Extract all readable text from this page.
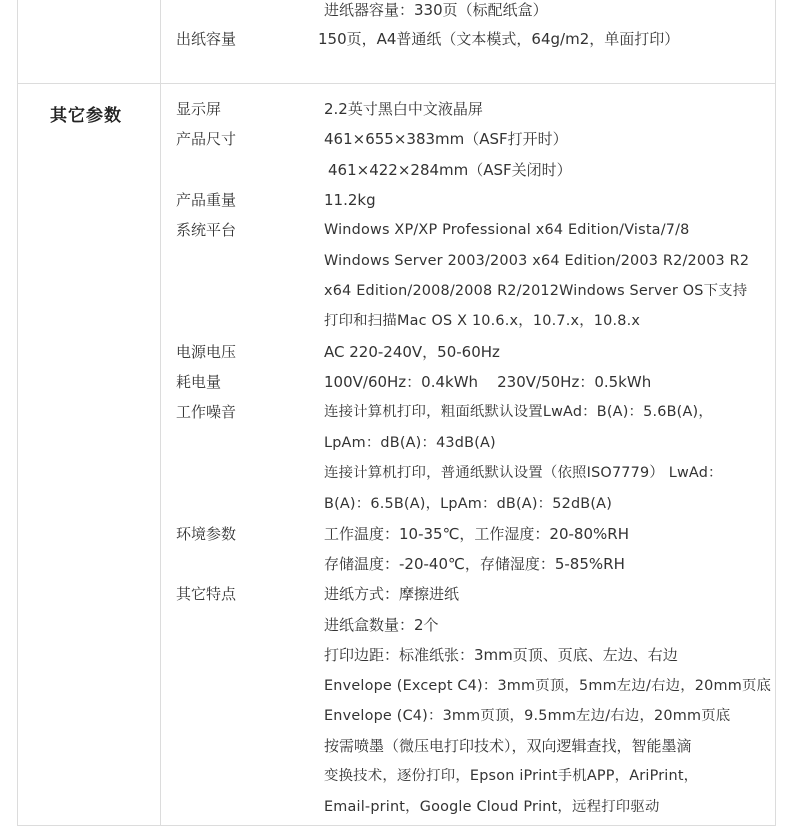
其它参数
进纸器容量：330页（标配纸盒）
出纸容量	150页，A4普通纸（文本模式，64g/m2，单面打印）
显示屏	2.2英寸黑白中文液晶屏
产品尺寸	461×655×383mm（ASF打开时）
461×422×284mm（ASF关闭时）
产品重量	11.2kg
系统平台	Windows XP/XP Professional x64 Edition/Vista/7/8
Windows Server 2003/2003 x64 Edition/2003 R2/2003 R2
x64 Edition/2008/2008 R2/2012Windows Server OS下支持
打印和扫描Mac OS X 10.6.x，10.7.x，10.8.x
电源电压	AC 220-240V，50-60Hz
耗电量	100V/60Hz：0.4kWh    230V/50Hz：0.5kWh
工作噪音	连接计算机打印，粗面纸默认设置LwAd：B(A)：5.6B(A)，
LpAm：dB(A)：43dB(A)
连接计算机打印，普通纸默认设置（依照ISO7779） LwAd：
B(A)：6.5B(A)，LpAm：dB(A)：52dB(A)
环境参数	工作温度：10-35℃，工作湿度：20-80%RH
存储温度：-20-40℃，存储湿度：5-85%RH
其它特点	进纸方式：摩擦进纸
进纸盒数量：2个
打印边距：标准纸张：3mm页顶、页底、左边、右边
Envelope (Except C4)：3mm页顶，5mm左边/右边，20mm页底
Envelope (C4)：3mm页顶，9.5mm左边/右边，20mm页底
按需喷墨（微压电打印技术），双向逻辑查找，智能墨滴
变换技术，逐份打印，Epson iPrint手机APP，AriPrint，
Email-print，Google Cloud Print，远程打印驱动
